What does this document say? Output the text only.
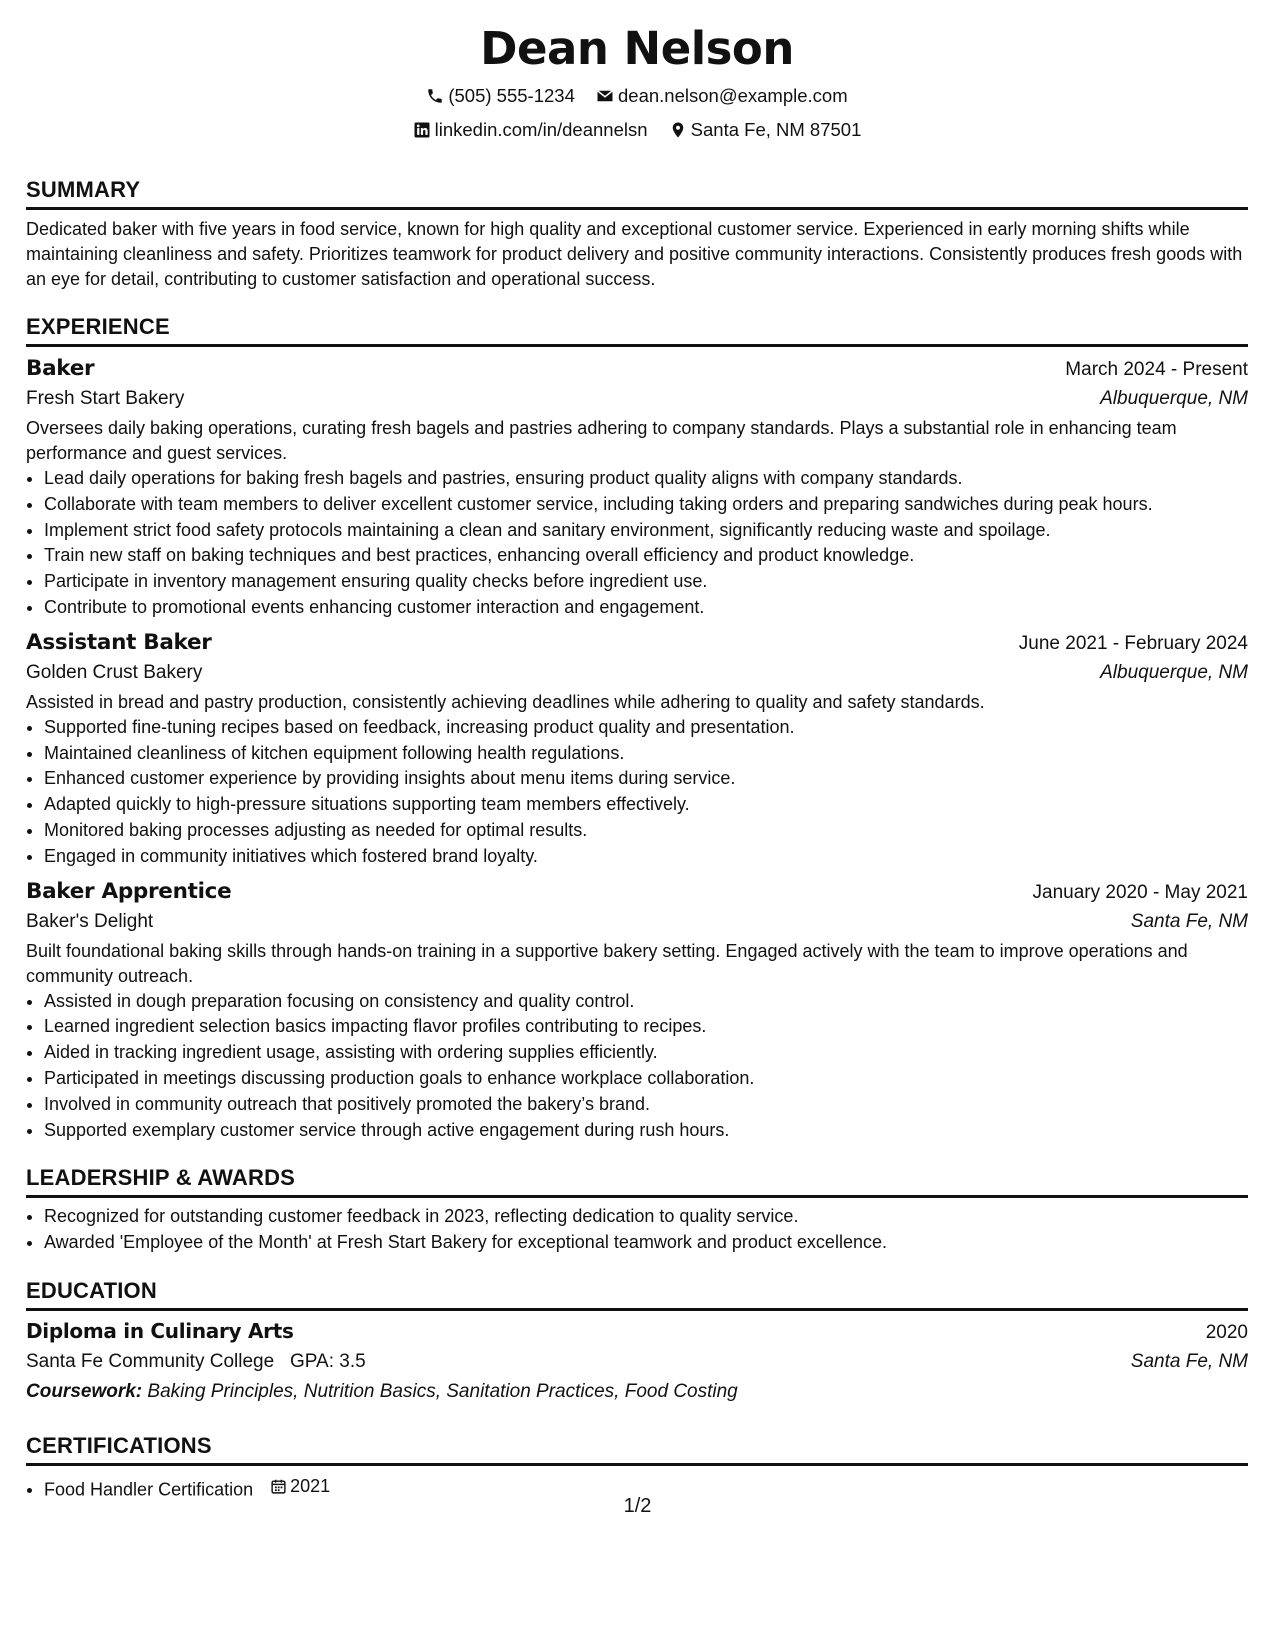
Dean Nelson
(505) 555-1234
dean.nelson@example.com
linkedin.com/in/deannelsn
Santa Fe, NM 87501
SUMMARY
Dedicated baker with five years in food service, known for high quality and exceptional customer service. Experienced in early morning shifts while maintaining cleanliness and safety. Prioritizes teamwork for product delivery and positive community interactions. Consistently produces fresh goods with an eye for detail, contributing to customer satisfaction and operational success.
EXPERIENCE
Baker	March 2024 - Present
Fresh Start Bakery	Albuquerque, NM
Oversees daily baking operations, curating fresh bagels and pastries adhering to company standards. Plays a substantial role in enhancing team performance and guest services.
• Lead daily operations for baking fresh bagels and pastries, ensuring product quality aligns with company standards.
• Collaborate with team members to deliver excellent customer service, including taking orders and preparing sandwiches during peak hours.
• Implement strict food safety protocols maintaining a clean and sanitary environment, significantly reducing waste and spoilage.
• Train new staff on baking techniques and best practices, enhancing overall efficiency and product knowledge.
• Participate in inventory management ensuring quality checks before ingredient use.
• Contribute to promotional events enhancing customer interaction and engagement.
Assistant Baker	June 2021 - February 2024
Golden Crust Bakery	Albuquerque, NM
Assisted in bread and pastry production, consistently achieving deadlines while adhering to quality and safety standards.
• Supported fine-tuning recipes based on feedback, increasing product quality and presentation.
• Maintained cleanliness of kitchen equipment following health regulations.
• Enhanced customer experience by providing insights about menu items during service.
• Adapted quickly to high-pressure situations supporting team members effectively.
• Monitored baking processes adjusting as needed for optimal results.
• Engaged in community initiatives which fostered brand loyalty.
Baker Apprentice	January 2020 - May 2021
Baker's Delight	Santa Fe, NM
Built foundational baking skills through hands-on training in a supportive bakery setting. Engaged actively with the team to improve operations and community outreach.
• Assisted in dough preparation focusing on consistency and quality control.
• Learned ingredient selection basics impacting flavor profiles contributing to recipes.
• Aided in tracking ingredient usage, assisting with ordering supplies efficiently.
• Participated in meetings discussing production goals to enhance workplace collaboration.
• Involved in community outreach that positively promoted the bakery’s brand.
• Supported exemplary customer service through active engagement during rush hours.
LEADERSHIP & AWARDS
• Recognized for outstanding customer feedback in 2023, reflecting dedication to quality service.
• Awarded 'Employee of the Month' at Fresh Start Bakery for exceptional teamwork and product excellence.
EDUCATION
Diploma in Culinary Arts	2020
Santa Fe Community College GPA: 3.5	Santa Fe, NM
Coursework: Baking Principles, Nutrition Basics, Sanitation Practices, Food Costing
CERTIFICATIONS
• Food Handler Certification 2021
1/2
